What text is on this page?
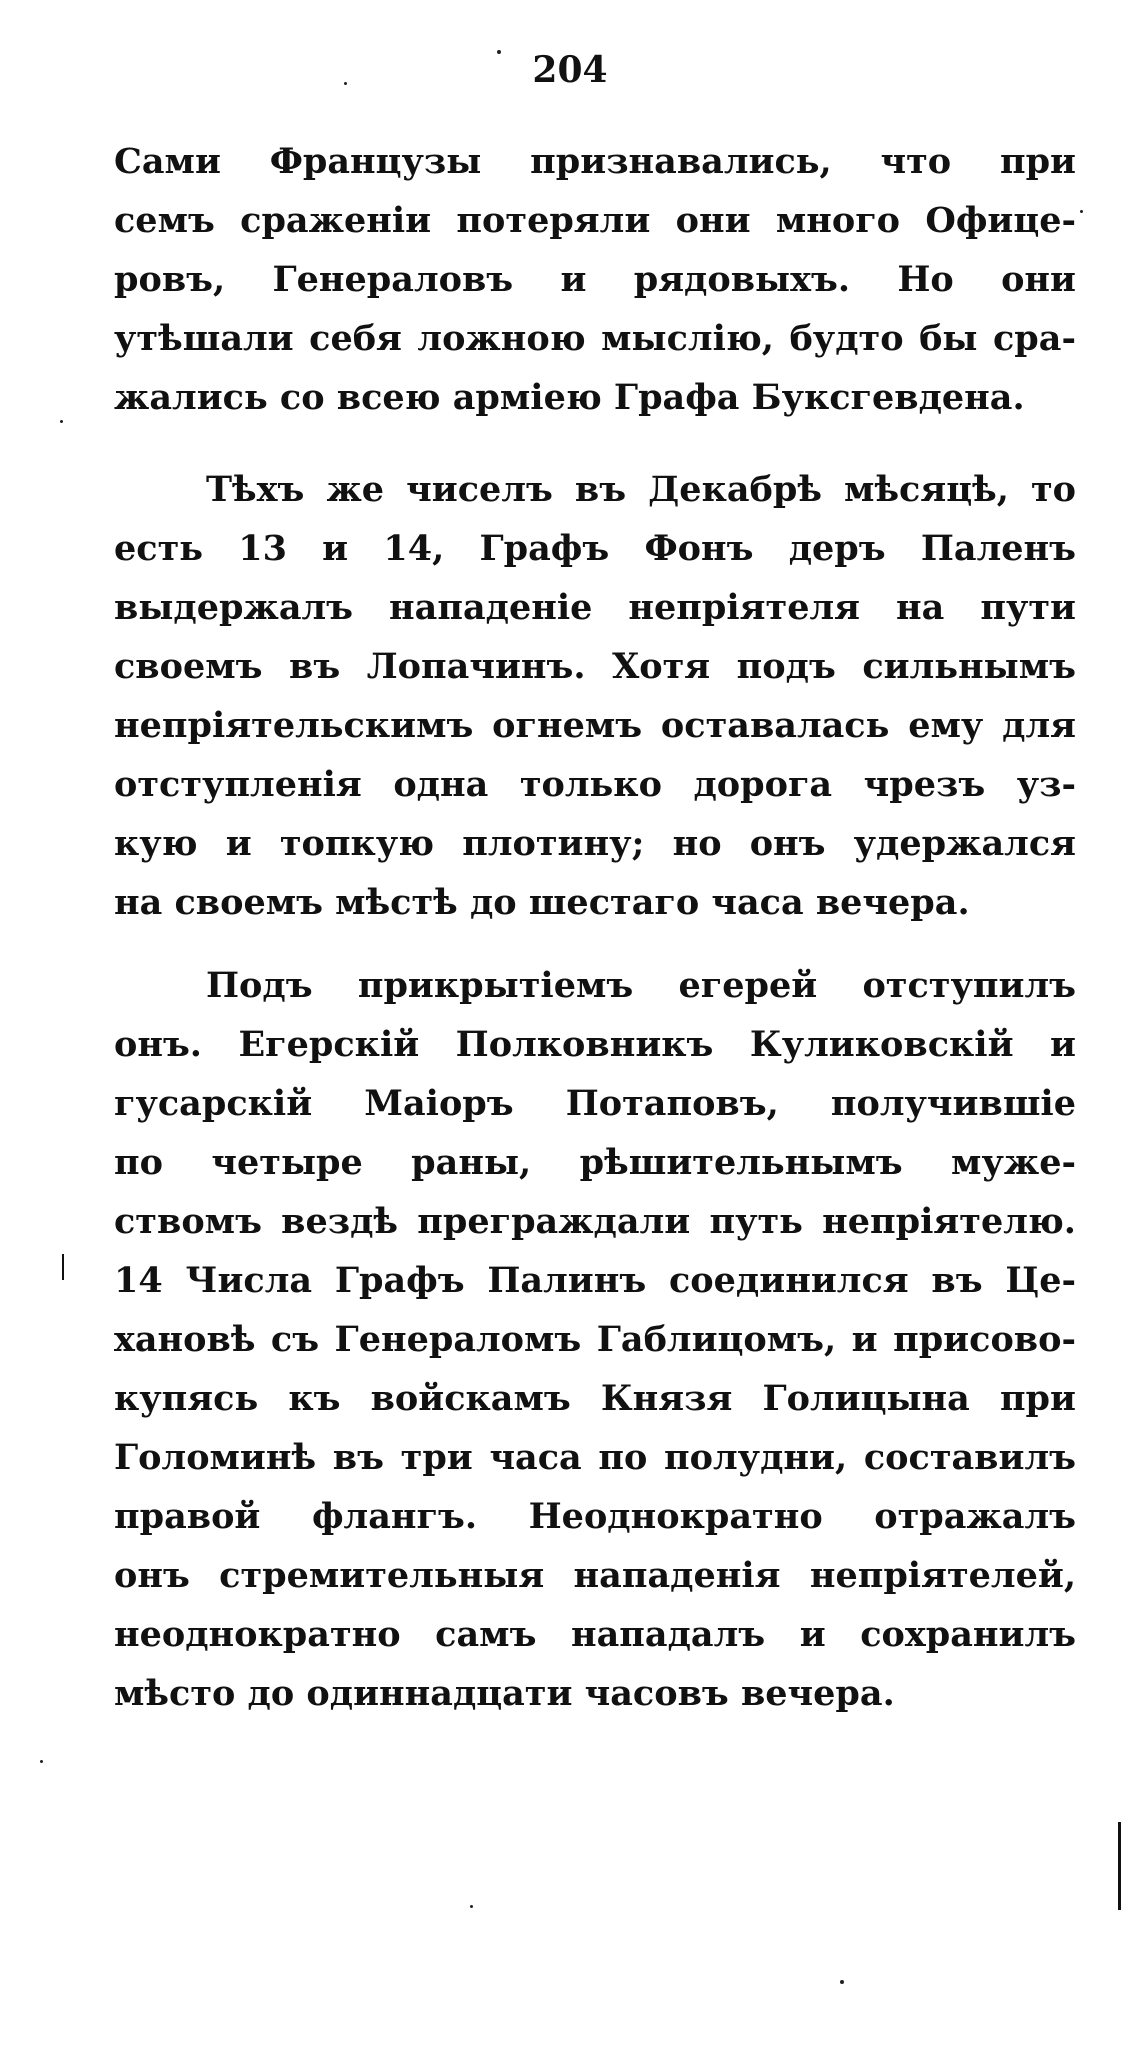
204
Сами Французы признавались, что при
семъ сраженіи потеряли они много Офице-
ровъ, Генераловъ и рядовыхъ. Но они
утѣшали себя ложною мыслію, будто бы сра-
жались со всею арміею Графа Буксгевдена.
Тѣхъ же чиселъ въ Декабрѣ мѣсяцѣ, то
есть 13 и 14, Графъ Фонъ деръ Паленъ
выдержалъ нападеніе непріятеля на пути
своемъ въ Лопачинъ. Хотя подъ сильнымъ
непріятельскимъ огнемъ оставалась ему для
отступленія одна только дорога чрезъ уз-
кую и топкую плотину; но онъ удержался
на своемъ мѣстѣ до шестаго часа вечера.
Подъ прикрытіемъ егерей отступилъ
онъ. Егерскій Полковникъ Куликовскій и
гусарскій Маіоръ Потаповъ, получившіе
по четыре раны, рѣшительнымъ муже-
ствомъ вездѣ преграждали путь непріятелю.
14 Числа Графъ Палинъ соединился въ Це-
хановѣ съ Генераломъ Габлицомъ, и присово-
купясь къ войскамъ Князя Голицына при
Голоминѣ въ три часа по полудни, составилъ
правой флангъ. Неоднократно отражалъ
онъ стремительныя нападенія непріятелей,
неоднократно самъ нападалъ и сохранилъ
мѣсто до одиннадцати часовъ вечера.
